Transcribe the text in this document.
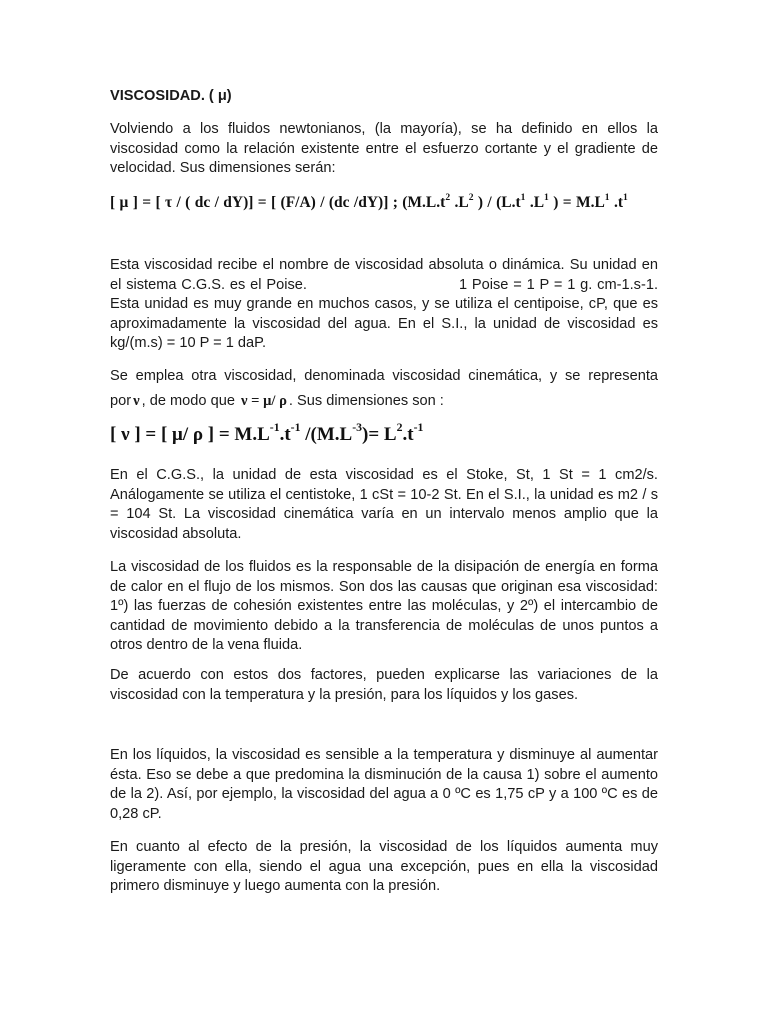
VISCOSIDAD. ( μ)

Volviendo a los fluidos newtonianos, (la mayoría), se ha definido en ellos la viscosidad como la relación existente entre el esfuerzo cortante y el gradiente de velocidad. Sus dimensiones serán:

[ μ ] = [ τ / ( dc / dY)] = [ (F/A) / (dc /dY)] ; ($M.L.t^2$ $.L^2$ ) / ($L.t^1$ $.L^1$ ) = $M.L^1$ $.t^1$

Esta viscosidad recibe el nombre de viscosidad absoluta o dinámica. Su unidad en el sistema C.G.S. es el Poise.	1 Poise = 1 P = 1 g. cm-1.s-1. Esta unidad es muy grande en muchos casos, y se utiliza el centipoise, cP, que es aproximadamente la viscosidad del agua. En el S.I., la unidad de viscosidad es kg/(m.s) = 10 P = 1 daP.

Se emplea otra viscosidad, denominada viscosidad cinemática, y se representa por ν , de modo que ν = μ/ ρ . Sus dimensiones son :

[ ν ] = [ μ/ ρ ] = $M.L^{-1}.t^{-1}$ $/(M.L^{-3})= L^2.t^{-1}$

En el C.G.S., la unidad de esta viscosidad es el Stoke, St, 1 St = 1 cm2/s. Análogamente se utiliza el centistoke, 1 cSt = 10-2 St. En el S.I., la unidad es m2 / s = 104 St. La viscosidad cinemática varía en un intervalo menos amplio que la viscosidad absoluta.

La viscosidad de los fluidos es la responsable de la disipación de energía en forma de calor en el flujo de los mismos. Son dos las causas que originan esa viscosidad: 1º) las fuerzas de cohesión existentes entre las moléculas, y 2º) el intercambio de cantidad de movimiento debido a la transferencia de moléculas de unos puntos a otros dentro de la vena fluida.

De acuerdo con estos dos factores, pueden explicarse las variaciones de la viscosidad con la temperatura y la presión, para los líquidos y los gases.

En los líquidos, la viscosidad es sensible a la temperatura y disminuye al aumentar ésta. Eso se debe a que predomina la disminución de la causa 1) sobre el aumento de la 2). Así, por ejemplo, la viscosidad del agua a 0 ºC es 1,75 cP y a 100 ºC es de 0,28 cP.

En cuanto al efecto de la presión, la viscosidad de los líquidos aumenta muy ligeramente con ella, siendo el agua una excepción, pues en ella la viscosidad primero disminuye y luego aumenta con la presión.
